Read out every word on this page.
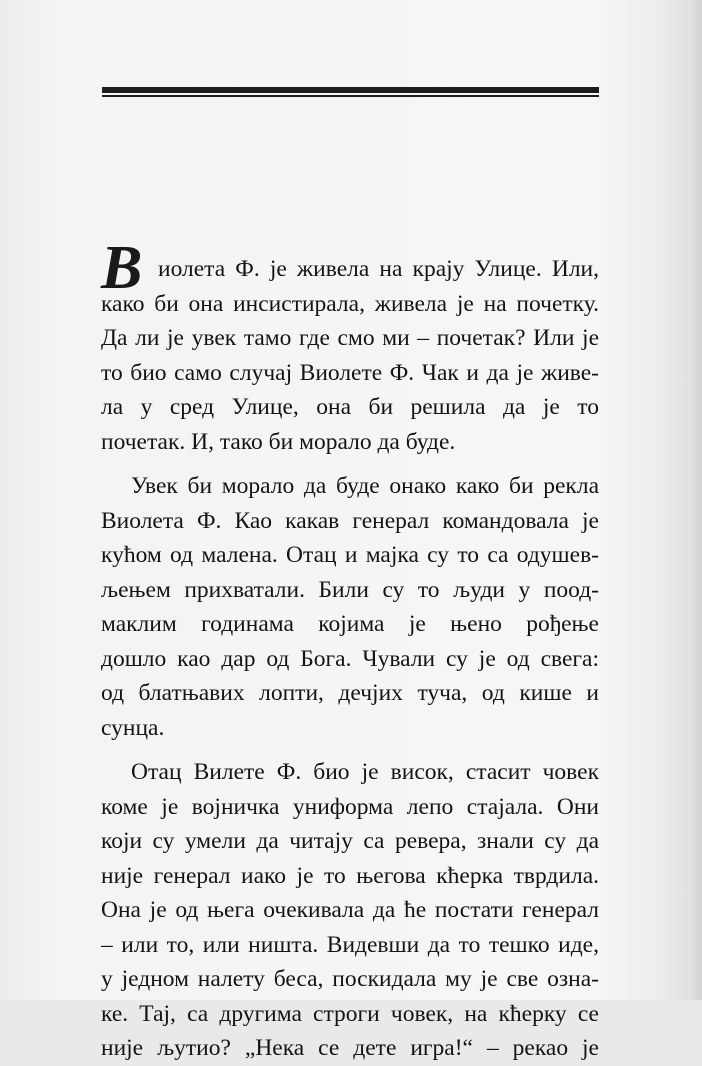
В иолета Ф. је живела на крају Улице. Или,
како би она инсистирала, живела је на почетку.
Да ли је увек тамо где смо ми – почетак? Или је
то био само случај Виолете Ф. Чак и да је живе-
ла у сред Улице, она би решила да је то
почетак. И, тако би морало да буде.
Увек би морало да буде онако како би рекла
Виолета Ф. Као какав генерал командовала је
кућом од малена. Отац и мајка су то са одушев-
љењем прихватали. Били су то људи у поод-
маклим годинама којима је њено рођење
дошло као дар од Бога. Чували су је од свега:
од блатњавих лопти, дечјих туча, од кише и
сунца.
Отац Вилете Ф. био је висок, стасит човек
коме је војничка униформа лепо стајала. Они
који су умели да читају са ревера, знали су да
није генерал иако је то његова кћерка тврдила.
Она је од њега очекивала да ће постати генерал
– или то, или ништа. Видевши да то тешко иде,
у једном налету беса, поскидала му је све озна-
ке. Тај, са другима строги човек, на кћерку се
није љутио? „Нека се дете игра!“ – рекао је
